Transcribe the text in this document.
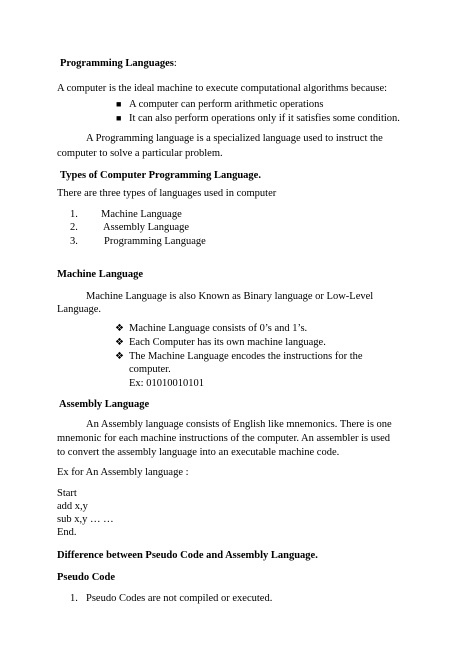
Programming Languages:
A computer is the ideal machine to execute computational algorithms because:
■ A computer can perform arithmetic operations
■ It can also perform operations only if it satisfies some condition.
A Programming language is a specialized language used to instruct the
computer to solve a particular problem.
Types of Computer Programming Language.
There are three types of languages used in computer
1. Machine Language
2. Assembly Language
3. Programming Language
Machine Language
Machine Language is also Known as Binary language or Low-Level
Language.
❖ Machine Language consists of 0’s and 1’s.
❖ Each Computer has its own machine language.
❖ The Machine Language encodes the instructions for the
computer.
Ex: 01010010101
Assembly Language
An Assembly language consists of English like mnemonics. There is one
mnemonic for each machine instructions of the computer. An assembler is used
to convert the assembly language into an executable machine code.
Ex for An Assembly language :
Start
add x,y
sub x,y … …
End.
Difference between Pseudo Code and Assembly Language.
Pseudo Code
1. Pseudo Codes are not compiled or executed.
